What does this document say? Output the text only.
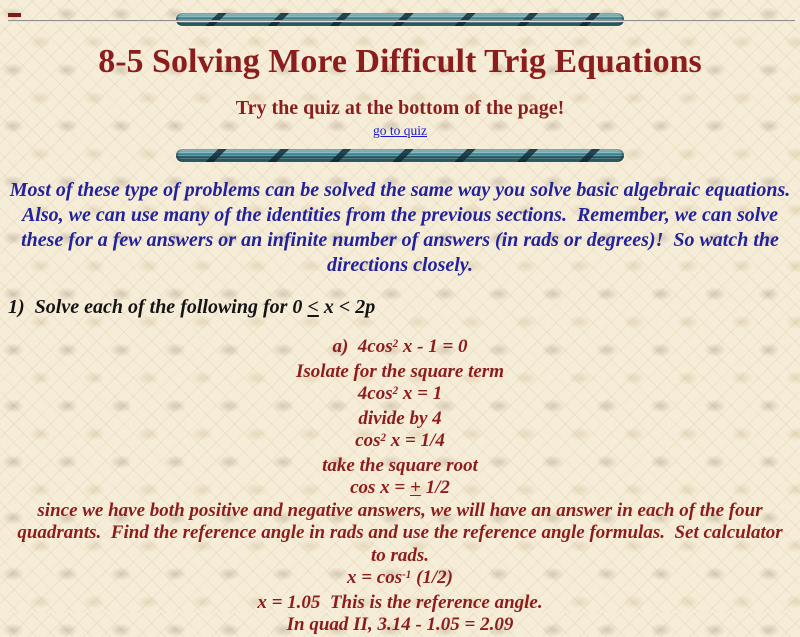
8-5 Solving More Difficult Trig Equations
Try the quiz at the bottom of the page!
go to quiz

Most of these type of problems can be solved the same way you solve basic algebraic equations.  Also, we can use many of the identities from the previous sections.  Remember, we can solve these for a few answers or an infinite number of answers (in rads or degrees)!  So watch the directions closely.

1)  Solve each of the following for 0 < x < 2p
a)  $4\cos^2$ x - 1 = 0
Isolate for the square term
$4\cos^2$ x = 1
divide by 4
$\cos^2 x = 1/4$
take the square root
cos x = + 1/2
since we have both positive and negative answers, we will have an answer in each of the four quadrants.  Find the reference angle in rads and use the reference angle formulas.  Set calculator to rads.
$x = \cos^{-1} (1/2)$
x = 1.05  This is the reference angle.
In quad II, 3.14 - 1.05 = 2.09
